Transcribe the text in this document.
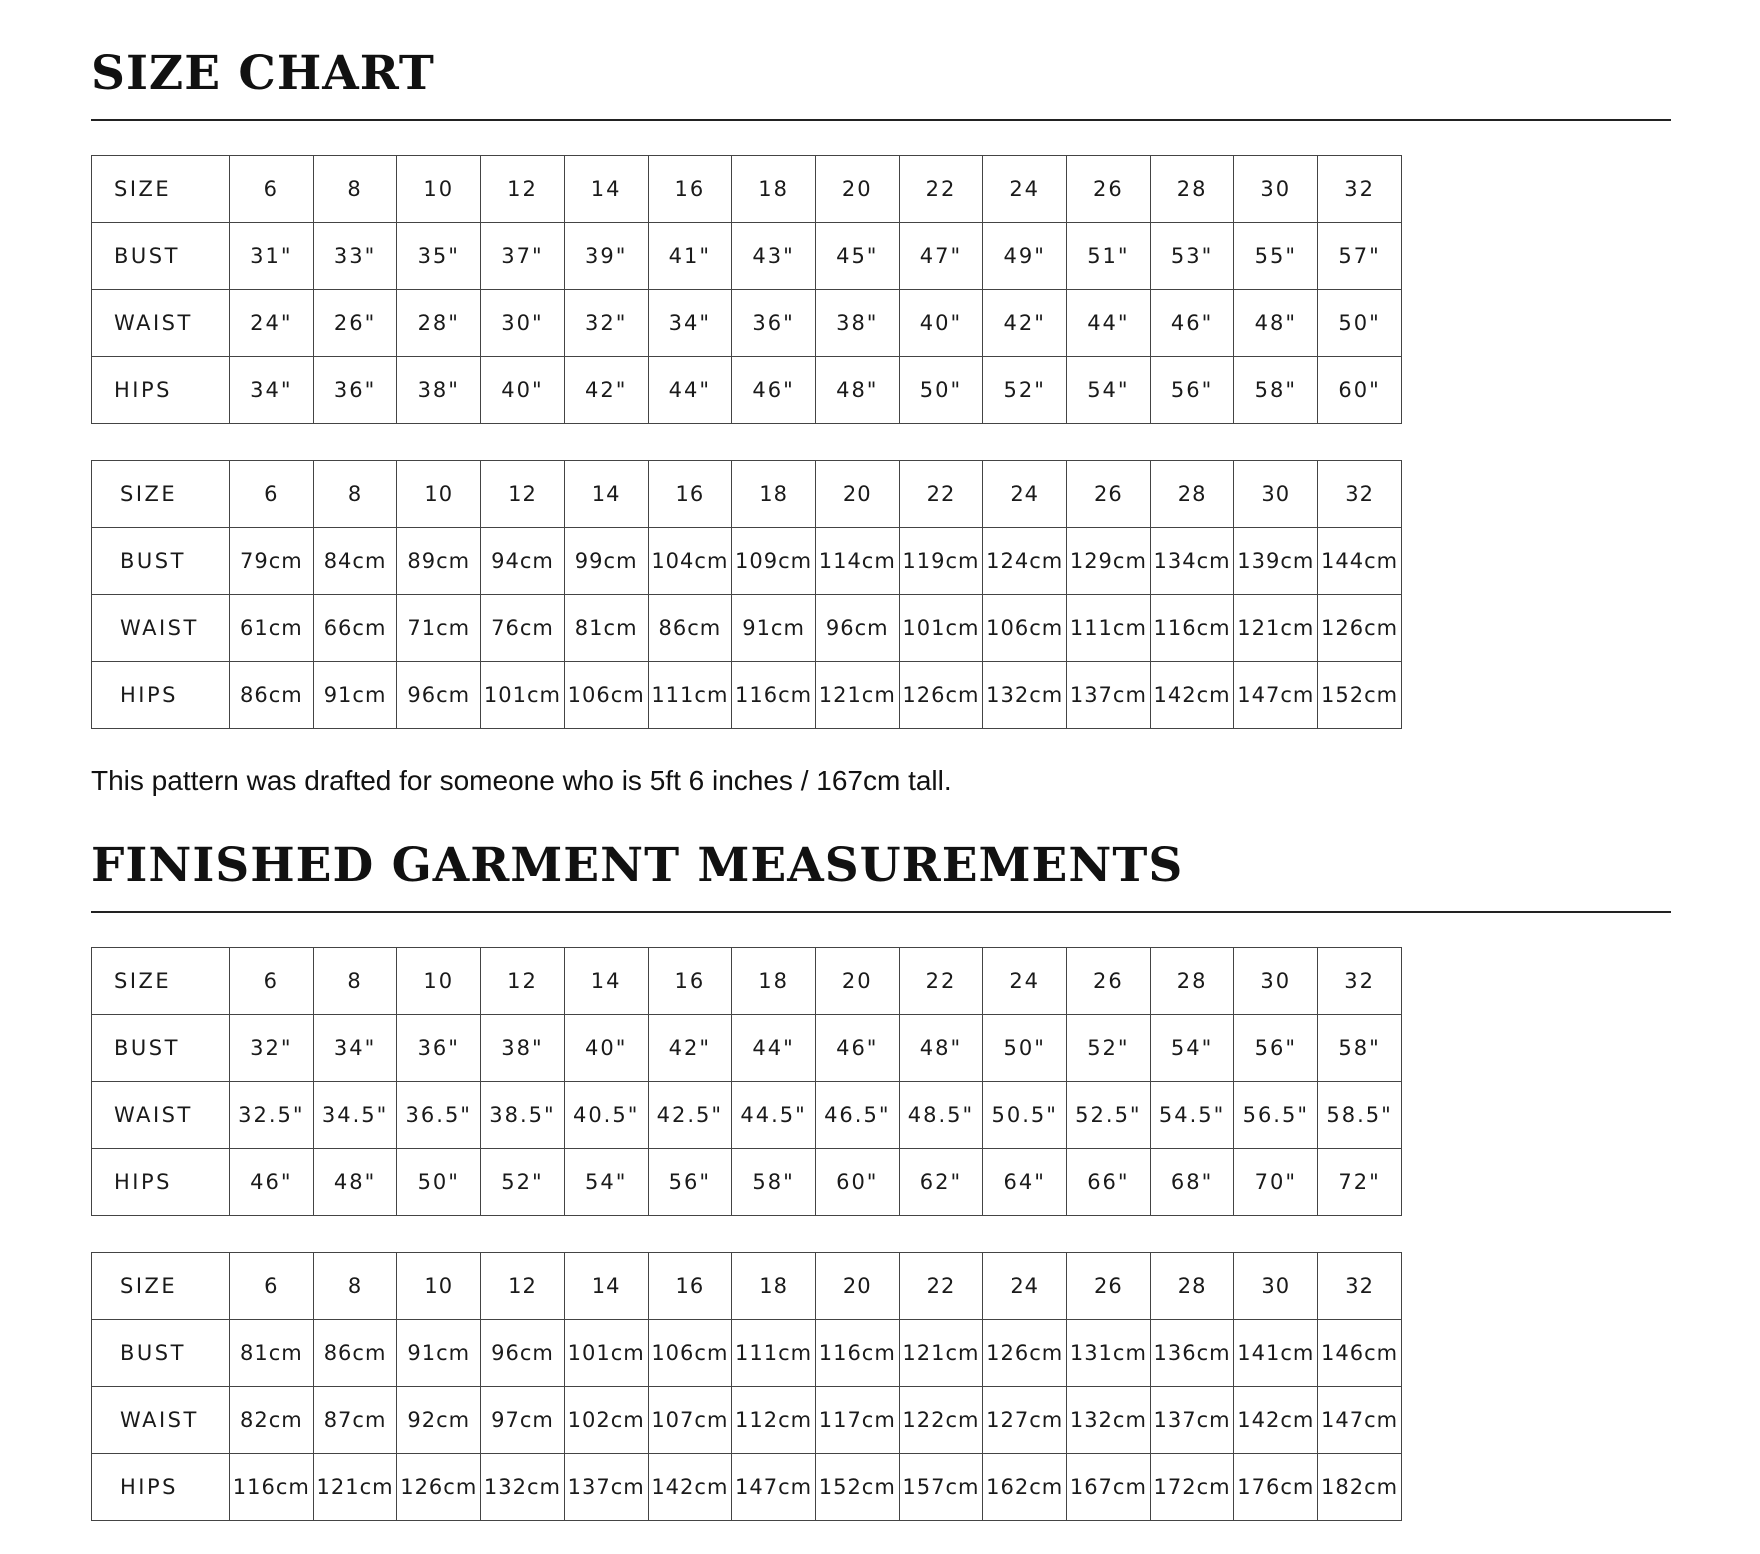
SIZE CHART
SIZE	6	8	10	12	14	16	18	20	22	24	26	28	30	32
BUST	31"	33"	35"	37"	39"	41"	43"	45"	47"	49"	51"	53"	55"	57"
WAIST	24"	26"	28"	30"	32"	34"	36"	38"	40"	42"	44"	46"	48"	50"
HIPS	34"	36"	38"	40"	42"	44"	46"	48"	50"	52"	54"	56"	58"	60"
SIZE	6	8	10	12	14	16	18	20	22	24	26	28	30	32
BUST	79cm	84cm	89cm	94cm	99cm	104cm	109cm	114cm	119cm	124cm	129cm	134cm	139cm	144cm
WAIST	61cm	66cm	71cm	76cm	81cm	86cm	91cm	96cm	101cm	106cm	111cm	116cm	121cm	126cm
HIPS	86cm	91cm	96cm	101cm	106cm	111cm	116cm	121cm	126cm	132cm	137cm	142cm	147cm	152cm

This pattern was drafted for someone who is 5ft 6 inches / 167cm tall.

FINISHED GARMENT MEASUREMENTS
SIZE	6	8	10	12	14	16	18	20	22	24	26	28	30	32
BUST	32"	34"	36"	38"	40"	42"	44"	46"	48"	50"	52"	54"	56"	58"
WAIST	32.5"	34.5"	36.5"	38.5"	40.5"	42.5"	44.5"	46.5"	48.5"	50.5"	52.5"	54.5"	56.5"	58.5"
HIPS	46"	48"	50"	52"	54"	56"	58"	60"	62"	64"	66"	68"	70"	72"
SIZE	6	8	10	12	14	16	18	20	22	24	26	28	30	32
BUST	81cm	86cm	91cm	96cm	101cm	106cm	111cm	116cm	121cm	126cm	131cm	136cm	141cm	146cm
WAIST	82cm	87cm	92cm	97cm	102cm	107cm	112cm	117cm	122cm	127cm	132cm	137cm	142cm	147cm
HIPS	116cm	121cm	126cm	132cm	137cm	142cm	147cm	152cm	157cm	162cm	167cm	172cm	176cm	182cm
